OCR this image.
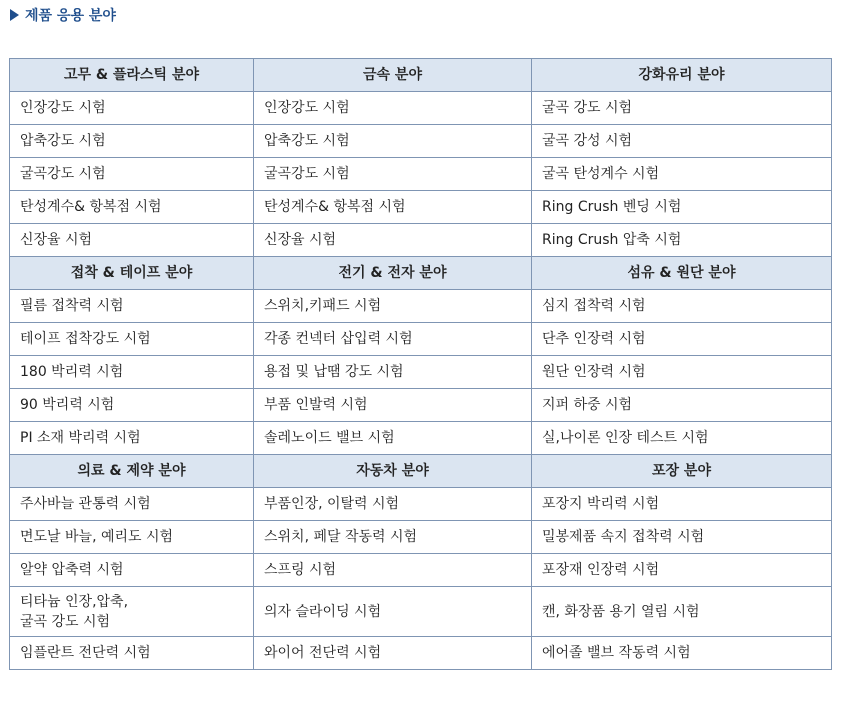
제품 응용 분야
고무 & 플라스틱 분야	금속 분야	강화유리 분야
인장강도 시험	인장강도 시험	굴곡 강도 시험
압축강도 시험	압축강도 시험	굴곡 강성 시험
굴곡강도 시험	굴곡강도 시험	굴곡 탄성계수 시험
탄성계수& 항복점 시험	탄성계수& 항복점 시험	Ring Crush 벤딩 시험
신장율 시험	신장율 시험	Ring Crush 압축 시험
접착 & 테이프 분야	전기 & 전자 분야	섬유 & 원단 분야
필름 접착력 시험	스위치,키패드 시험	심지 접착력 시험
테이프 접착강도 시험	각종 컨넥터 삽입력 시험	단추 인장력 시험
180 박리력 시험	용접 및 납땜 강도 시험	원단 인장력 시험
90 박리력 시험	부품 인발력 시험	지퍼 하중 시험
PI 소재 박리력 시험	솔레노이드 밸브 시험	실,나이론 인장 테스트 시험
의료 & 제약 분야	자동차 분야	포장 분야
주사바늘 관통력 시험	부품인장, 이탈력 시험	포장지 박리력 시험
면도날 바늘, 예리도 시험	스위치, 페달 작동력 시험	밀봉제품 속지 접착력 시험
알약 압축력 시험	스프링 시험	포장재 인장력 시험
티타늄 인장,압축,
굴곡 강도 시험	의자 슬라이딩 시험	캔, 화장품 용기 열림 시험
임플란트 전단력 시험	와이어 전단력 시험	에어졸 밸브 작동력 시험
